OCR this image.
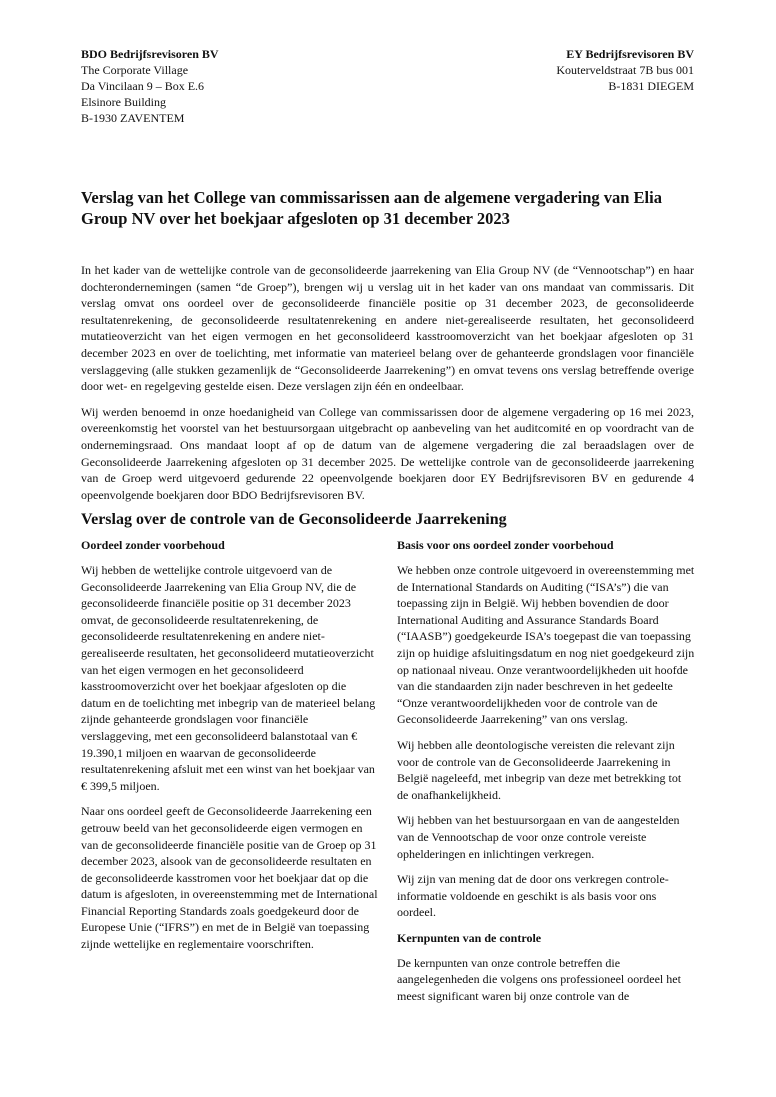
BDO Bedrijfsrevisoren BV
The Corporate Village
Da Vincilaan 9 – Box E.6
Elsinore Building
B-1930 ZAVENTEM
EY Bedrijfsrevisoren BV
Kouterveldstraat 7B bus 001
B-1831 DIEGEM
Verslag van het College van commissarissen aan de algemene vergadering van Elia Group NV over het boekjaar afgesloten op 31 december 2023

In het kader van de wettelijke controle van de geconsolideerde jaarrekening van Elia Group NV (de “Vennootschap”) en haar dochterondernemingen (samen “de Groep”), brengen wij u verslag uit in het kader van ons mandaat van commissaris. Dit verslag omvat ons oordeel over de geconsolideerde financiële positie op 31 december 2023, de geconsolideerde resultatenrekening, de geconsolideerde resultatenrekening en andere niet-gerealiseerde resultaten, het geconsolideerd mutatieoverzicht van het eigen vermogen en het geconsolideerd kasstroomoverzicht van het boekjaar afgesloten op 31 december 2023 en over de toelichting, met informatie van materieel belang over de gehanteerde grondslagen voor financiële verslaggeving (alle stukken gezamenlijk de “Geconsolideerde Jaarrekening”) en omvat tevens ons verslag betreffende overige door wet- en regelgeving gestelde eisen. Deze verslagen zijn één en ondeelbaar.

Wij werden benoemd in onze hoedanigheid van College van commissarissen door de algemene vergadering op 16 mei 2023, overeenkomstig het voorstel van het bestuursorgaan uitgebracht op aanbeveling van het auditcomité en op voordracht van de ondernemingsraad. Ons mandaat loopt af op de datum van de algemene vergadering die zal beraadslagen over de Geconsolideerde Jaarrekening afgesloten op 31 december 2025. De wettelijke controle van de geconsolideerde jaarrekening van de Groep werd uitgevoerd gedurende 22 opeenvolgende boekjaren door EY Bedrijfsrevisoren BV en gedurende 4 opeenvolgende boekjaren door BDO Bedrijfsrevisoren BV.

Verslag over de controle van de Geconsolideerde Jaarrekening
Oordeel zonder voorbehoud

Wij hebben de wettelijke controle uitgevoerd van de Geconsolideerde Jaarrekening van Elia Group NV, die de geconsolideerde financiële positie op 31 december 2023 omvat, de geconsolideerde resultatenrekening, de geconsolideerde resultatenrekening en andere niet-gerealiseerde resultaten, het geconsolideerd mutatieoverzicht van het eigen vermogen en het geconsolideerd kasstroomoverzicht over het boekjaar afgesloten op die datum en de toelichting met inbegrip van de materieel belang zijnde gehanteerde grondslagen voor financiële verslaggeving, met een geconsolideerd balanstotaal van € 19.390,1 miljoen en waarvan de geconsolideerde resultatenrekening afsluit met een winst van het boekjaar van € 399,5 miljoen.

Naar ons oordeel geeft de Geconsolideerde Jaarrekening een getrouw beeld van het geconsolideerde eigen vermogen en van de geconsolideerde financiële positie van de Groep op 31 december 2023, alsook van de geconsolideerde resultaten en de geconsolideerde kasstromen voor het boekjaar dat op die datum is afgesloten, in overeenstemming met de International Financial Reporting Standards zoals goedgekeurd door de Europese Unie (“IFRS”) en met de in België van toepassing zijnde wettelijke en reglementaire voorschriften.

Basis voor ons oordeel zonder voorbehoud

We hebben onze controle uitgevoerd in overeenstemming met de International Standards on Auditing (“ISA’s”) die van toepassing zijn in België. Wij hebben bovendien de door International Auditing and Assurance Standards Board (“IAASB”) goedgekeurde ISA’s toegepast die van toepassing zijn op huidige afsluitingsdatum en nog niet goedgekeurd zijn op nationaal niveau. Onze verantwoordelijkheden uit hoofde van die standaarden zijn nader beschreven in het gedeelte “Onze verantwoordelijkheden voor de controle van de Geconsolideerde Jaarrekening” van ons verslag.

Wij hebben alle deontologische vereisten die relevant zijn voor de controle van de Geconsolideerde Jaarrekening in België nageleefd, met inbegrip van deze met betrekking tot de onafhankelijkheid.

Wij hebben van het bestuursorgaan en van de aangestelden van de Vennootschap de voor onze controle vereiste ophelderingen en inlichtingen verkregen.

Wij zijn van mening dat de door ons verkregen controle-informatie voldoende en geschikt is als basis voor ons oordeel.

Kernpunten van de controle

De kernpunten van onze controle betreffen die aangelegenheden die volgens ons professioneel oordeel het meest significant waren bij onze controle van de
